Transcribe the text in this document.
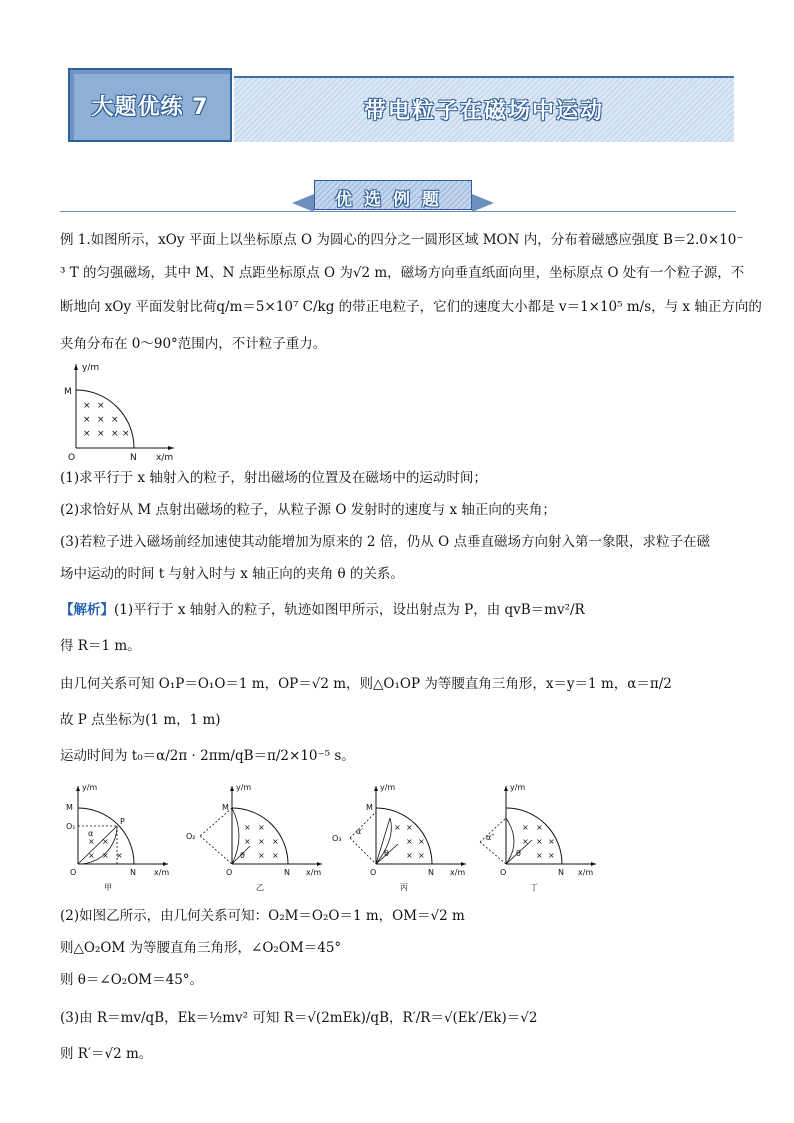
大题优练 7	带电粒子在磁场中运动
优选例题
例 1.如图所示，xOy 平面上以坐标原点 O 为圆心的四分之一圆形区域 MON 内，分布着磁感应强度 B＝2.0×10⁻
³ T 的匀强磁场，其中 M、N 点距坐标原点 O 为√2 m，磁场方向垂直纸面向里，坐标原点 O 处有一个粒子源，不
断地向 xOy 平面发射比荷q/m＝5×10⁷ C/kg 的带正电粒子，它们的速度大小都是 v＝1×10⁵ m/s，与 x 轴正方向的
夹角分布在 0～90°范围内，不计粒子重力。
y/m
M
O	N x/m
× ×
× × ×
× × × ×
(1)求平行于 x 轴射入的粒子，射出磁场的位置及在磁场中的运动时间；
(2)求恰好从 M 点射出磁场的粒子，从粒子源 O 发射时的速度与 x 轴正向的夹角；
(3)若粒子进入磁场前经加速使其动能增加为原来的 2 倍，仍从 O 点垂直磁场方向射入第一象限，求粒子在磁
场中运动的时间 t 与射入时与 x 轴正向的夹角 θ 的关系。
【解析】(1)平行于 x 轴射入的粒子，轨迹如图甲所示，设出射点为 P，由 qvB＝mv²/R
得 R＝1 m。
由几何关系可知 O₁P＝O₁O＝1 m，OP＝√2 m，则△O₁OP 为等腰直角三角形，x＝y＝1 m，α＝π/2
故 P 点坐标为(1 m，1 m)
运动时间为 t₀＝α/2π · 2πm/qB＝π/2×10⁻⁵ s。
y/m
M
O₁
P
α
O	N x/m
甲
× ×
× × ×
y/m
M
O₂
θ
O	N x/m
乙
× ×
× × ×
× ×
y/m
M
O₃
α′
θ
O	N x/m
丙
× ×
× ×
× ×
y/m
α″
θ
O	N x/m
丁
× ×
× × ×
× ×
(2)如图乙所示，由几何关系可知：O₂M＝O₂O＝1 m，OM＝√2 m
则△O₂OM 为等腰直角三角形，∠O₂OM＝45°
则 θ＝∠O₂OM＝45°。
(3)由 R＝mv/qB，Ek＝½mv² 可知 R＝√(2mEk)/qB，R′/R＝√(Ek′/Ek)＝√2
则 R′＝√2 m。
